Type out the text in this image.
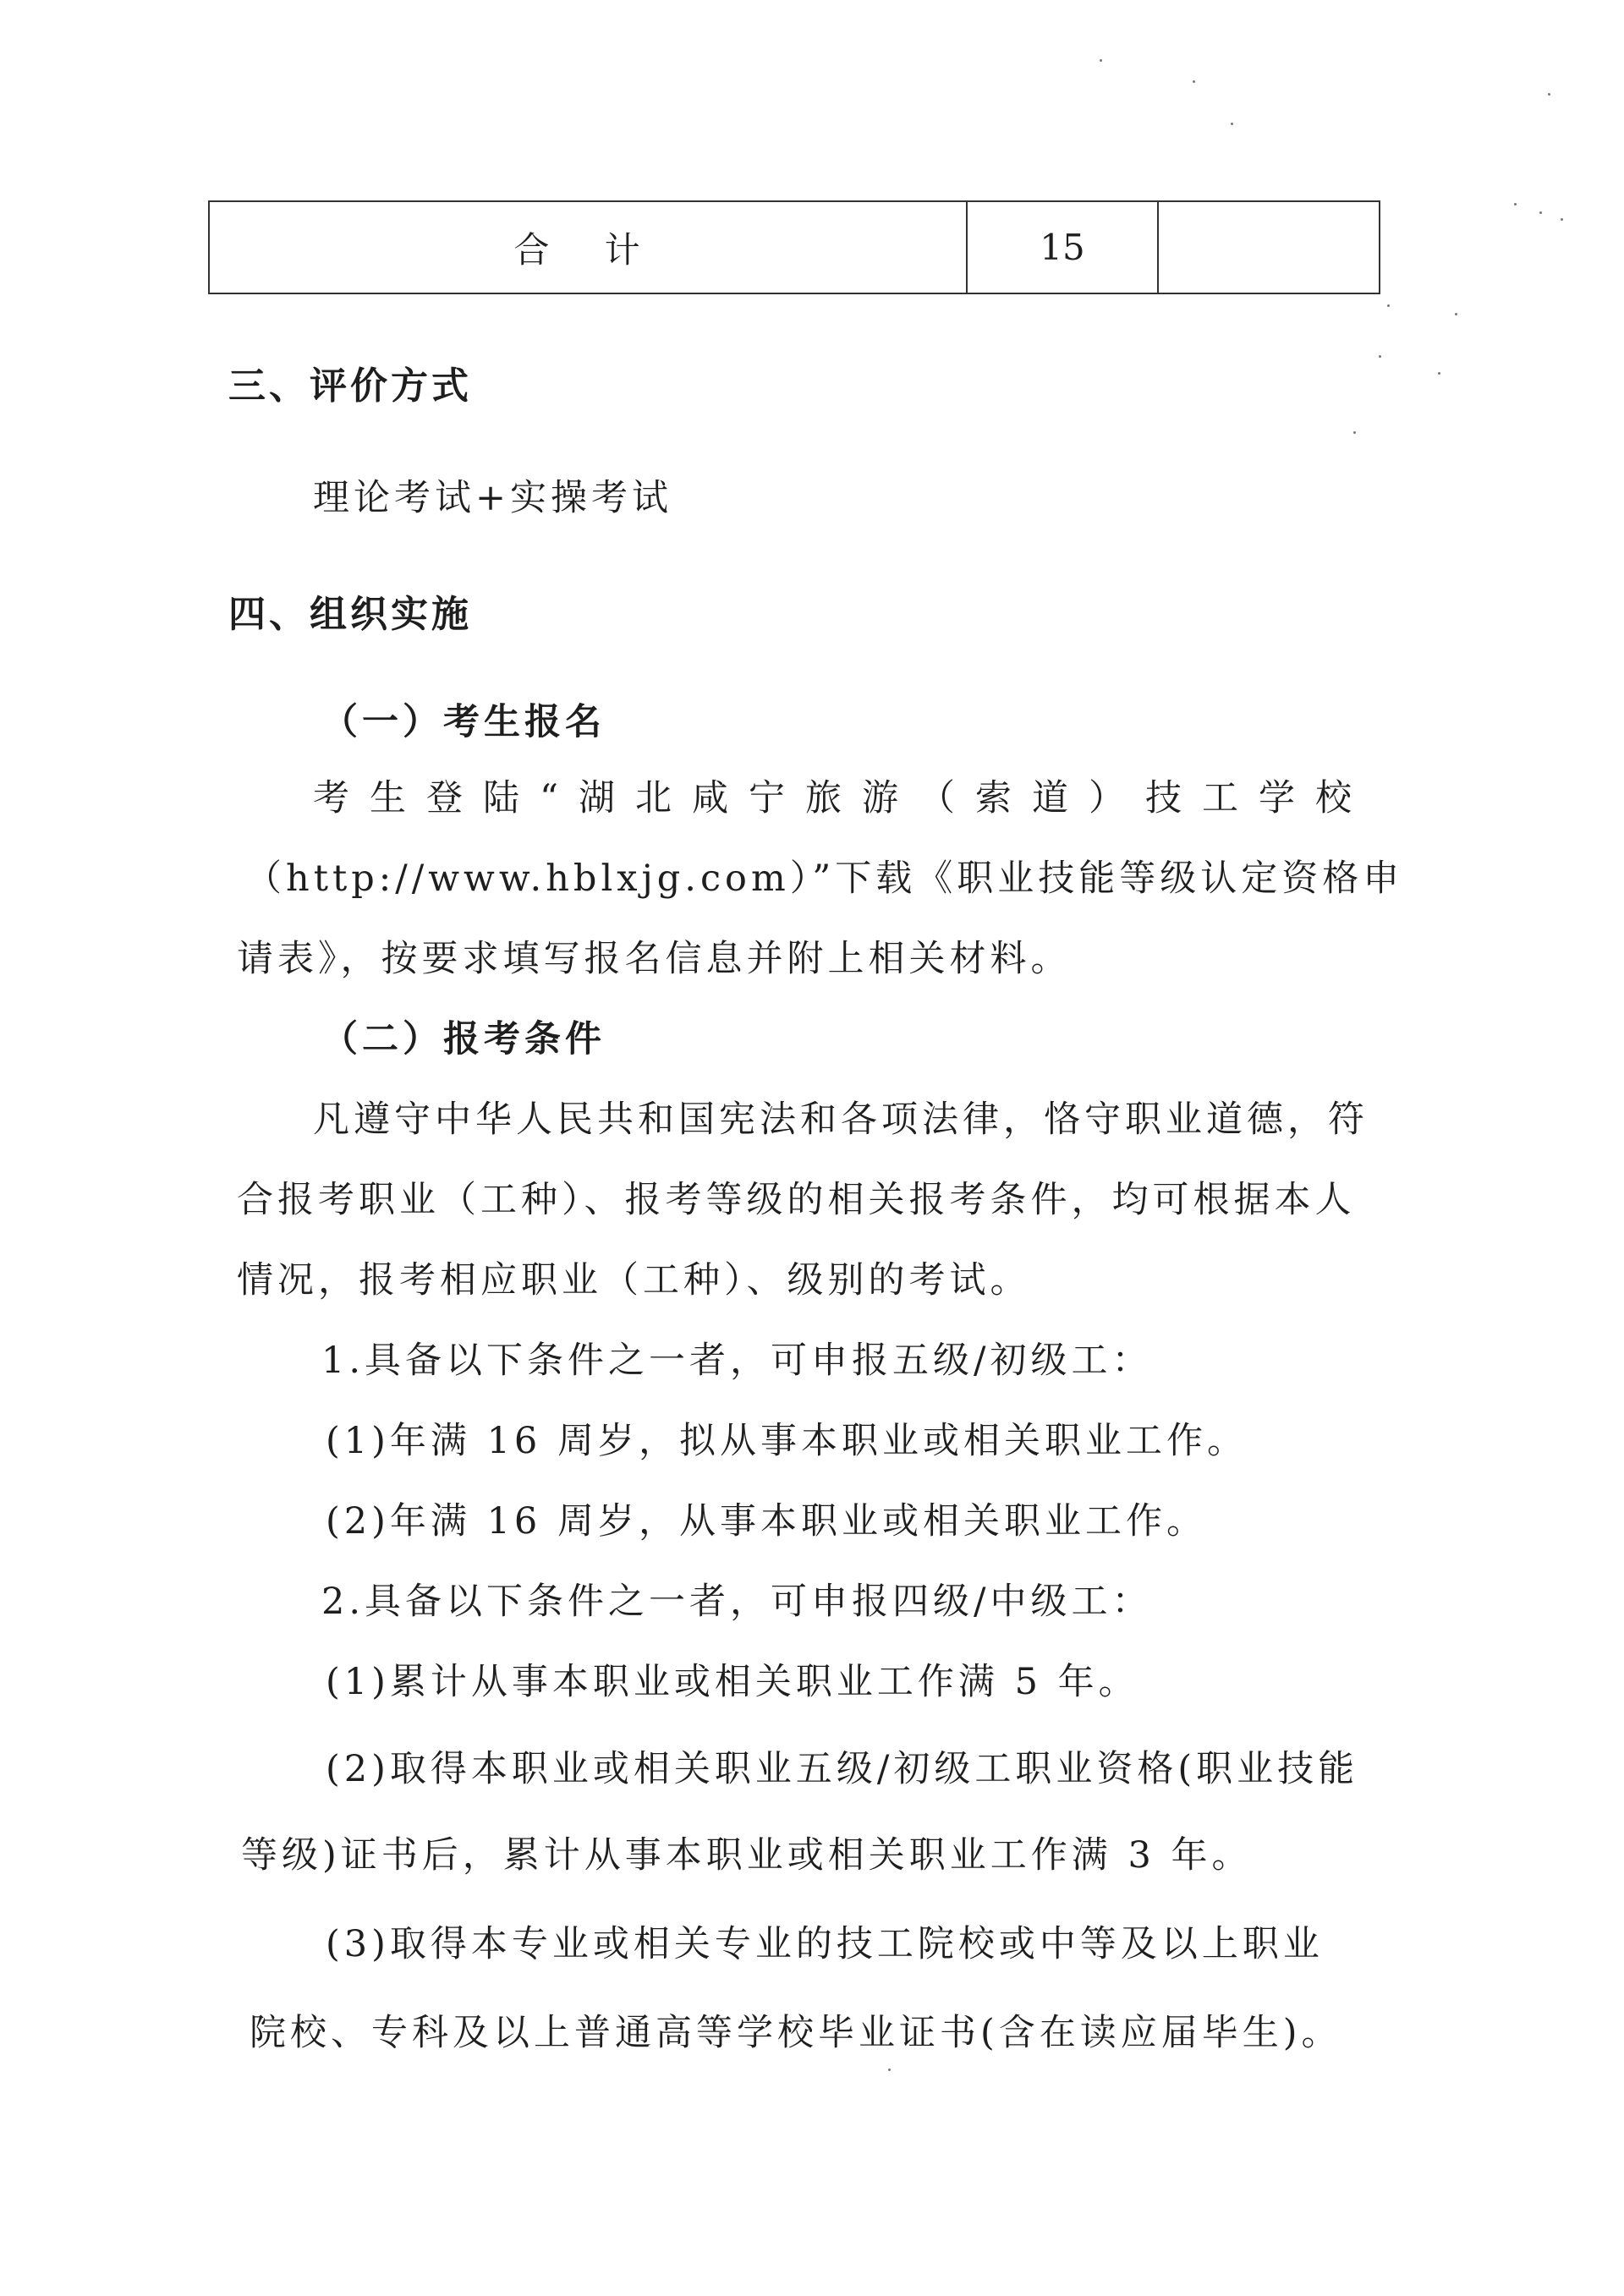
合 计	15
三、评价方式
理论考试+实操考试
四、组织实施
（一）考生报名
考生登陆“湖北咸宁旅游（索道）技工学校
（http://www.hblxjg.com）”下载《职业技能等级认定资格申
请表》，按要求填写报名信息并附上相关材料。
（二）报考条件
凡遵守中华人民共和国宪法和各项法律，恪守职业道德，符
合报考职业（工种）、报考等级的相关报考条件，均可根据本人
情况，报考相应职业（工种）、级别的考试。
1.具备以下条件之一者，可申报五级/初级工：
(1)年满 16 周岁，拟从事本职业或相关职业工作。
(2)年满 16 周岁，从事本职业或相关职业工作。
2.具备以下条件之一者，可申报四级/中级工：
(1)累计从事本职业或相关职业工作满 5 年。
(2)取得本职业或相关职业五级/初级工职业资格(职业技能
等级)证书后，累计从事本职业或相关职业工作满 3 年。
(3)取得本专业或相关专业的技工院校或中等及以上职业
院校、专科及以上普通高等学校毕业证书(含在读应届毕生)。
